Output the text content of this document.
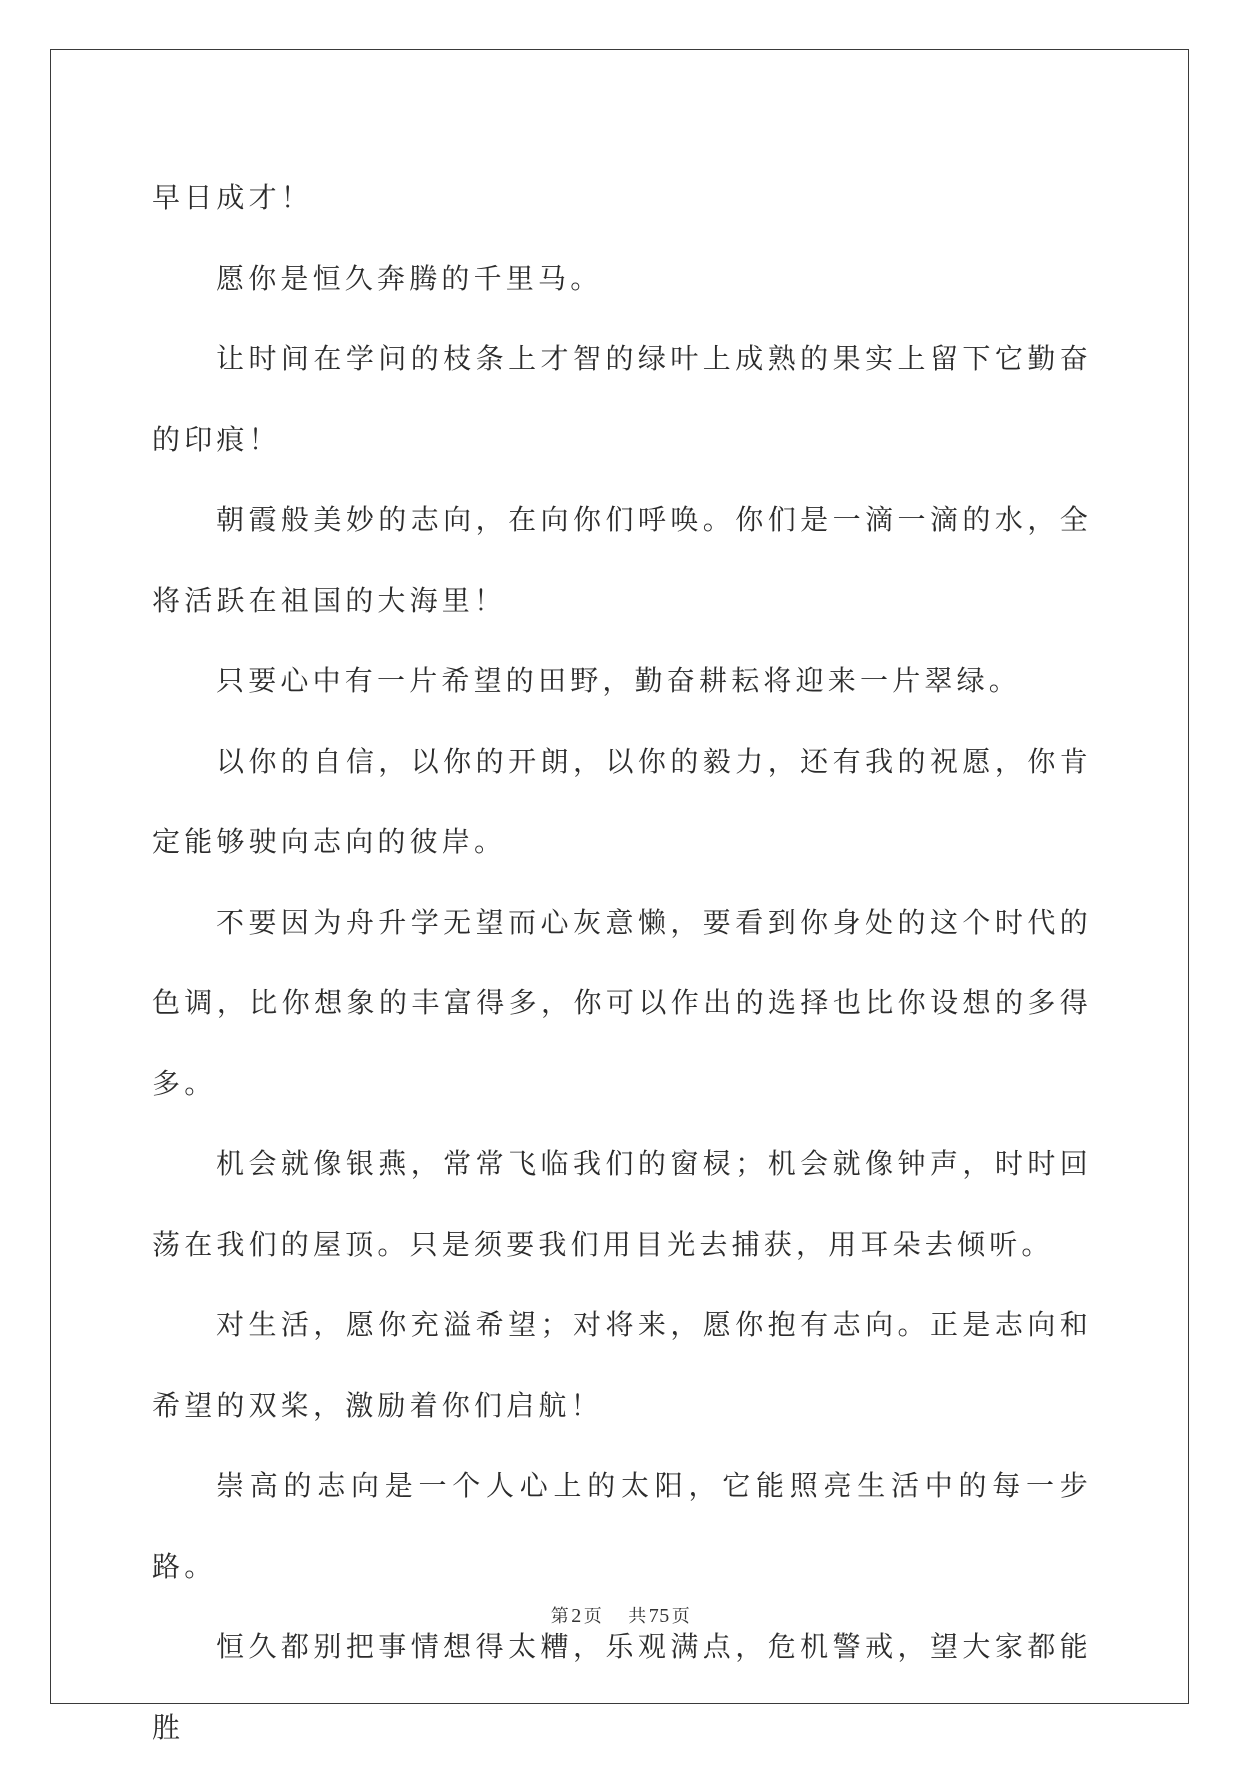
早日成才！

愿你是恒久奔腾的千里马。

让时间在学问的枝条上才智的绿叶上成熟的果实上留下它勤奋的印痕！

朝霞般美妙的志向，在向你们呼唤。你们是一滴一滴的水，全将活跃在祖国的大海里！

只要心中有一片希望的田野，勤奋耕耘将迎来一片翠绿。

以你的自信，以你的开朗，以你的毅力，还有我的祝愿，你肯定能够驶向志向的彼岸。

不要因为舟升学无望而心灰意懒，要看到你身处的这个时代的色调，比你想象的丰富得多，你可以作出的选择也比你设想的多得多。

机会就像银燕，常常飞临我们的窗棂；机会就像钟声，时时回荡在我们的屋顶。只是须要我们用目光去捕获，用耳朵去倾听。

对生活，愿你充溢希望；对将来，愿你抱有志向。正是志向和希望的双桨，激励着你们启航！

崇高的志向是一个人心上的太阳，它能照亮生活中的每一步路。

恒久都别把事情想得太糟，乐观满点，危机警戒，望大家都能胜

第 2 页 共 75 页
